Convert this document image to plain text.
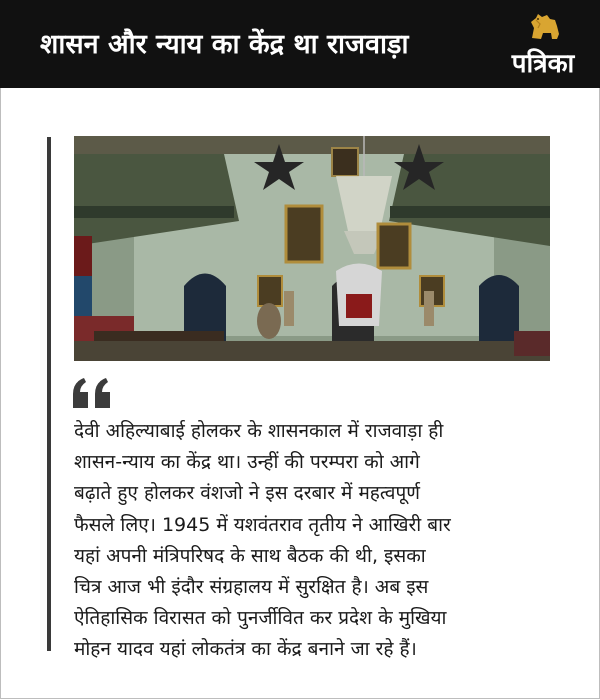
शासन और न्याय का केंद्र था राजवाड़ा
पत्रिका
देवी अहिल्याबाई होलकर के शासनकाल में राजवाड़ा ही
शासन-न्याय का केंद्र था। उन्हीं की परम्परा को आगे
बढ़ाते हुए होलकर वंशजो ने इस दरबार में महत्वपूर्ण
फैसले लिए। 1945 में यशवंतराव तृतीय ने आखिरी बार
यहां अपनी मंत्रिपरिषद के साथ बैठक की थी, इसका
चित्र आज भी इंदौर संग्रहालय में सुरक्षित है। अब इस
ऐतिहासिक विरासत को पुनर्जीवित कर प्रदेश के मुखिया
मोहन यादव यहां लोकतंत्र का केंद्र बनाने जा रहे हैं।
